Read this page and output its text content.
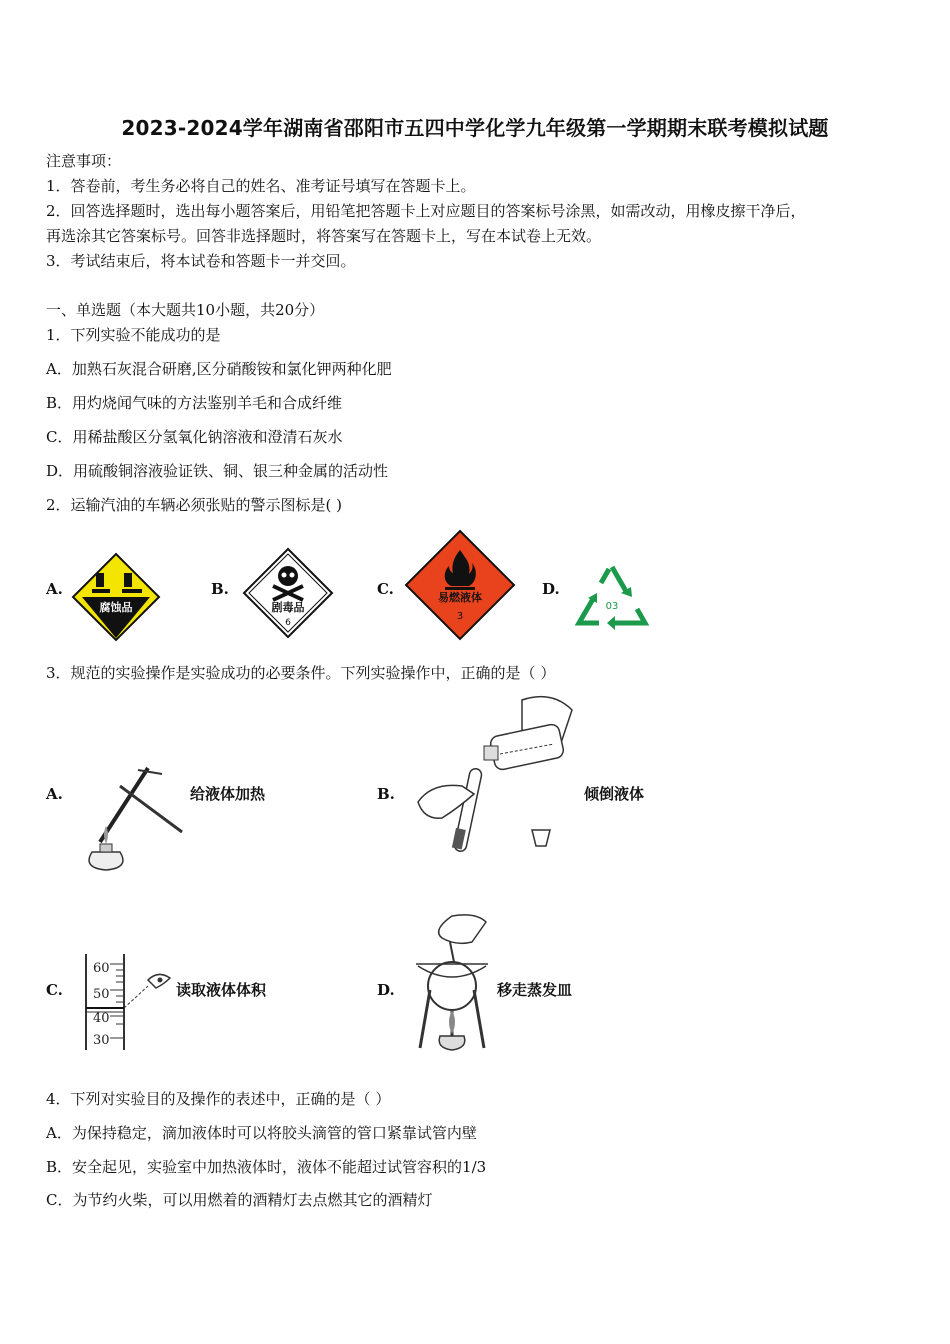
2023-2024学年湖南省邵阳市五四中学化学九年级第一学期期末联考模拟试题
注意事项：
1．答卷前，考生务必将自己的姓名、准考证号填写在答题卡上。
2．回答选择题时，选出每小题答案后，用铅笔把答题卡上对应题目的答案标号涂黑，如需改动，用橡皮擦干净后，
再选涂其它答案标号。回答非选择题时，将答案写在答题卡上，写在本试卷上无效。
3．考试结束后，将本试卷和答题卡一并交回。
一、单选题（本大题共10小题，共20分）
1．下列实验不能成功的是
A．加熟石灰混合研磨,区分硝酸铵和氯化钾两种化肥
B．用灼烧闻气味的方法鉴别羊毛和合成纤维
C．用稀盐酸区分氢氧化钠溶液和澄清石灰水
D．用硫酸铜溶液验证铁、铜、银三种金属的活动性
2．运输汽油的车辆必须张贴的警示图标是( )
A.	B.	C.	D.
腐蚀品	剧毒品
6
易燃液体
3
03
3．规范的实验操作是实验成功的必要条件。下列实验操作中，正确的是（ ）
A.	B.
C.	D.
给液体加热	倾倒液体
读取液体体积	移走蒸发皿
60
50
40
30
4．下列对实验目的及操作的表述中，正确的是（ ）
A．为保持稳定，滴加液体时可以将胶头滴管的管口紧靠试管内壁
B．安全起见，实验室中加热液体时，液体不能超过试管容积的1/3
C．为节约火柴，可以用燃着的酒精灯去点燃其它的酒精灯
